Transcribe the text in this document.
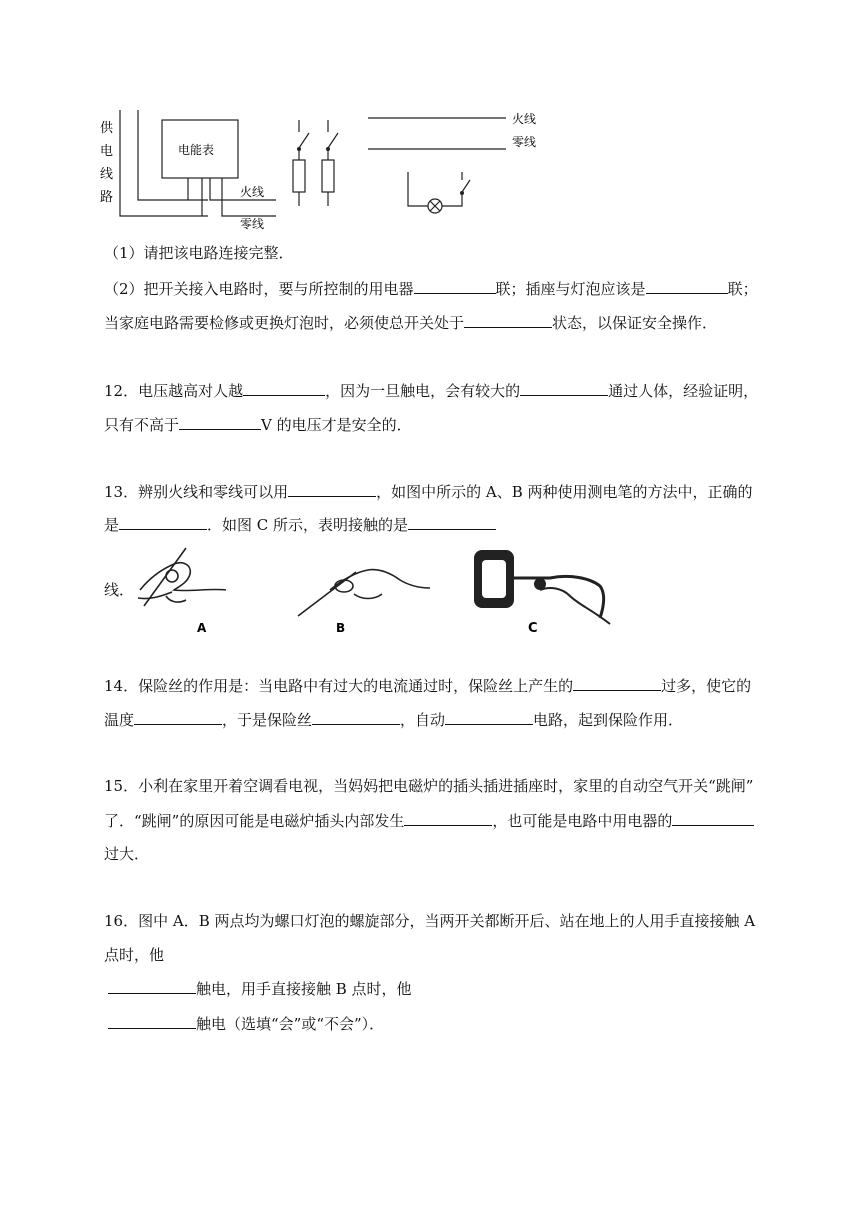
供
电
线
路
电能表
火线
零线
火线
零线
（1）请把该电路连接完整．
（2）把开关接入电路时，要与所控制的用电器	联；插座与灯泡应该是	联；
当家庭电路需要检修或更换灯泡时，必须使总开关处于	状态，以保证安全操作．
12．电压越高对人越	，因为一旦触电，会有较大的	通过人体，经验证明，
只有不高于	V 的电压才是安全的．
13．辨别火线和零线可以用	，如图中所示的 A、B 两种使用测电笔的方法中，正确的
是	．如图 C 所示，表明接触的是
线．
A	B	C
14．保险丝的作用是：当电路中有过大的电流通过时，保险丝上产生的	过多，使它的
温度	，于是保险丝	，自动	电路，起到保险作用．
15．小利在家里开着空调看电视，当妈妈把电磁炉的插头插进插座时，家里的自动空气开关“跳闸”
了．“跳闸”的原因可能是电磁炉插头内部发生	，也可能是电路中用电器的
过大．
16．图中 A．B 两点均为螺口灯泡的螺旋部分，当两开关都断开后、站在地上的人用手直接接触 A
点时，他
触电，用手直接接触 B 点时，他
触电（选填“会”或“不会”）．
